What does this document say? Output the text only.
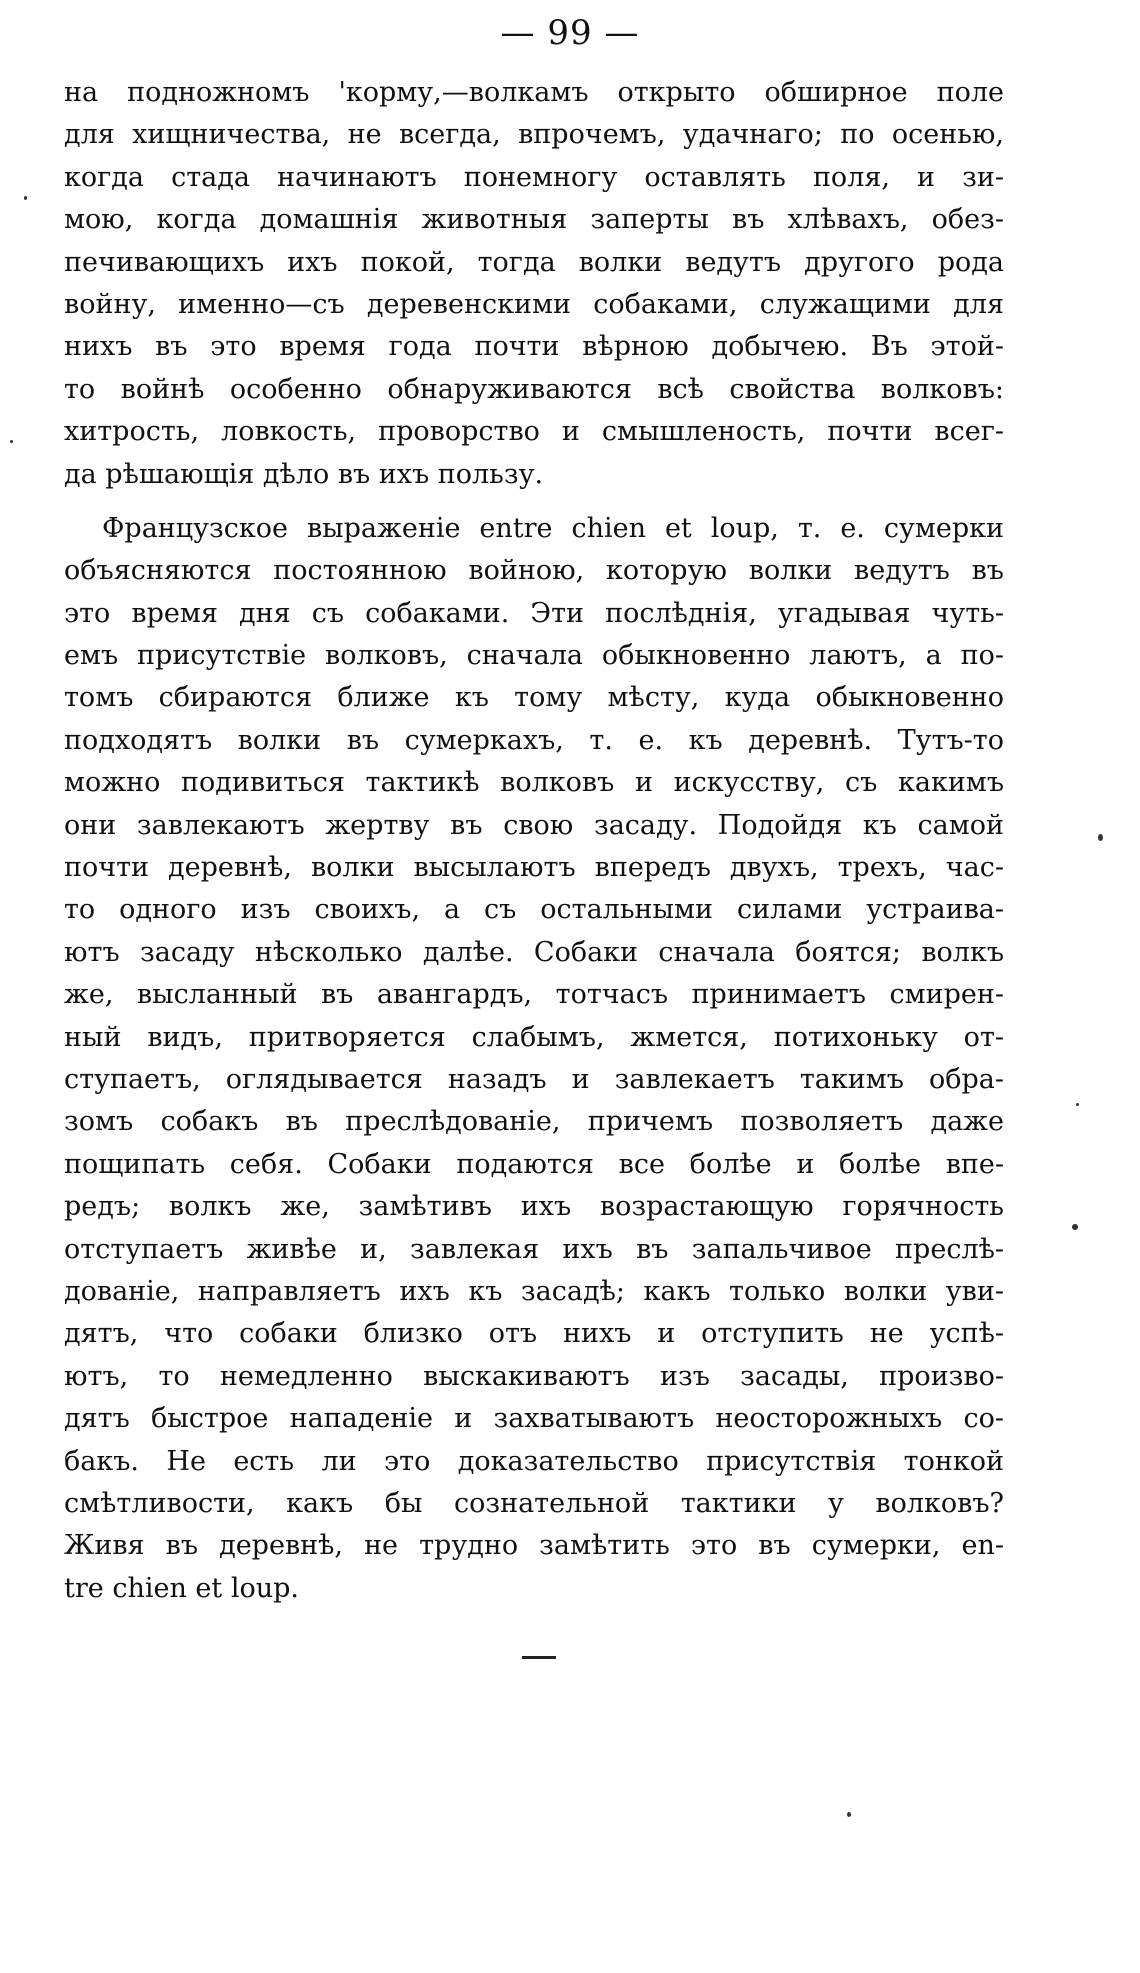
— 99 —
на подножномъ 'корму,—волкамъ открыто обширное поле
для хищничества, не всегда, впрочемъ, удачнаго; по осенью,
когда стада начинаютъ понемногу оставлять поля, и зи-
мою, когда домашнія животныя заперты въ хлѣвахъ, обез-
печивающихъ ихъ покой, тогда волки ведутъ другого рода
войну, именно—съ деревенскими собаками, служащими для
нихъ въ это время года почти вѣрною добычею. Въ этой-
то войнѣ особенно обнаруживаются всѣ свойства волковъ:
хитрость, ловкость, проворство и смышленость, почти всег-
да рѣшающія дѣло въ ихъ пользу.
Французское выраженіе entre chien et loup, т. е. сумерки
объясняются постоянною войною, которую волки ведутъ въ
это время дня съ собаками. Эти послѣднія, угадывая чуть-
емъ присутствіе волковъ, сначала обыкновенно лаютъ, а по-
томъ сбираются ближе къ тому мѣсту, куда обыкновенно
подходятъ волки въ сумеркахъ, т. е. къ деревнѣ. Тутъ-то
можно подивиться тактикѣ волковъ и искусству, съ какимъ
они завлекаютъ жертву въ свою засаду. Подойдя къ самой
почти деревнѣ, волки высылаютъ впередъ двухъ, трехъ, час-
то одного изъ своихъ, а съ остальными силами устраива-
ютъ засаду нѣсколько далѣе. Собаки сначала боятся; волкъ
же, высланный въ авангардъ, тотчасъ принимаетъ смирен-
ный видъ, притворяется слабымъ, жмется, потихоньку от-
ступаетъ, оглядывается назадъ и завлекаетъ такимъ обра-
зомъ собакъ въ преслѣдованіе, причемъ позволяетъ даже
пощипать себя. Собаки подаются все болѣе и болѣе впе-
редъ; волкъ же, замѣтивъ ихъ возрастающую горячность
отступаетъ живѣе и, завлекая ихъ въ запальчивое преслѣ-
дованіе, направляетъ ихъ къ засадѣ; какъ только волки уви-
дятъ, что собаки близко отъ нихъ и отступить не успѣ-
ютъ, то немедленно выскакиваютъ изъ засады, произво-
дятъ быстрое нападеніе и захватываютъ неосторожныхъ со-
бакъ. Не есть ли это доказательство присутствія тонкой
смѣтливости, какъ бы сознательной тактики у волковъ?
Живя въ деревнѣ, не трудно замѣтить это въ сумерки, en-
tre chien et loup.
